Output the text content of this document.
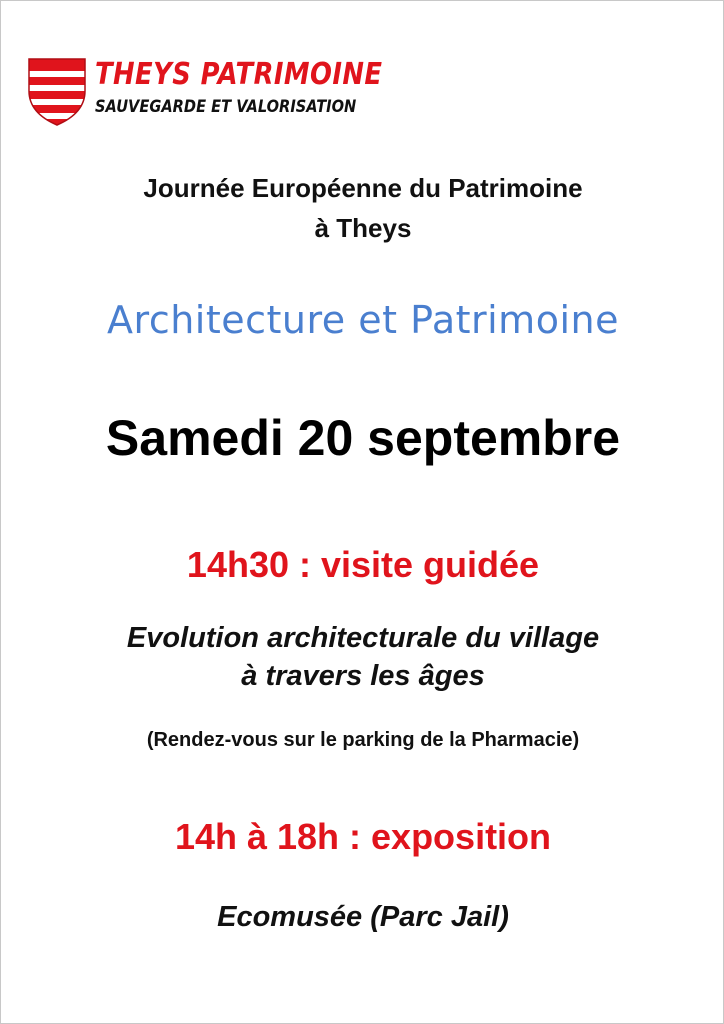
THEYS PATRIMOINE
SAUVEGARDE ET VALORISATION
Journée Européenne du Patrimoine
à Theys
Architecture et Patrimoine
Samedi 20 septembre
14h30 : visite guidée
Evolution architecturale du village
à travers les âges
(Rendez-vous sur le parking de la Pharmacie)
14h à 18h : exposition
Ecomusée (Parc Jail)
